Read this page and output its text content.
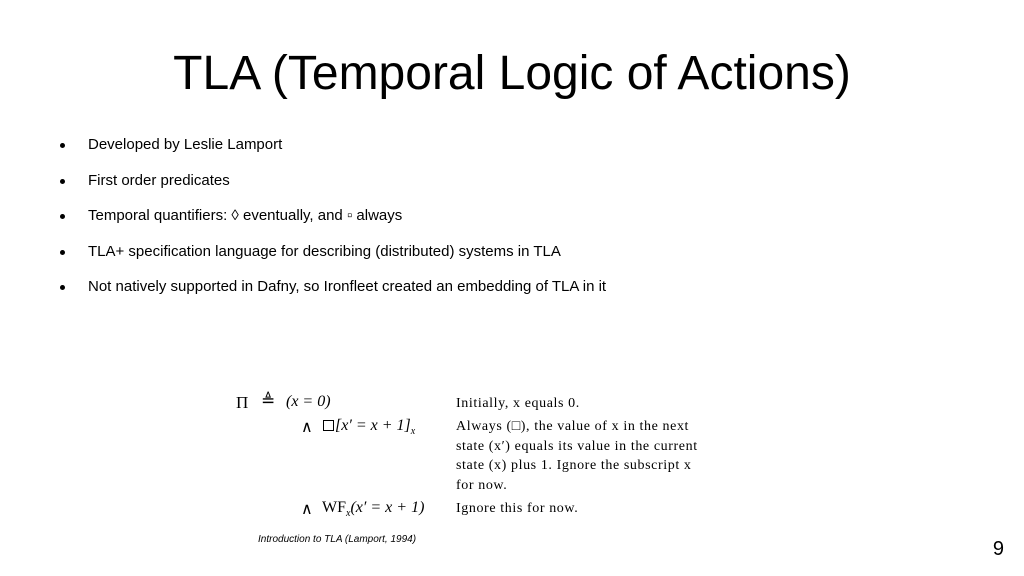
TLA (Temporal Logic of Actions)
Developed by Leslie Lamport
First order predicates
Temporal quantifiers: ◊ eventually, and ▫ always
TLA+ specification language for describing (distributed) systems in TLA
Not natively supported in Dafny, so Ironfleet created an embedding of TLA in it
Π ≜ (x = 0)
∧	$[x' = x + 1]_x$
∧ $WF_x(x' = x + 1)$
Initially, x equals 0.
Always (□), the value of x in the next
state (x′) equals its value in the current
state (x) plus 1. Ignore the subscript x
for now.
Ignore this for now.
Introduction to TLA (Lamport, 1994)	9
